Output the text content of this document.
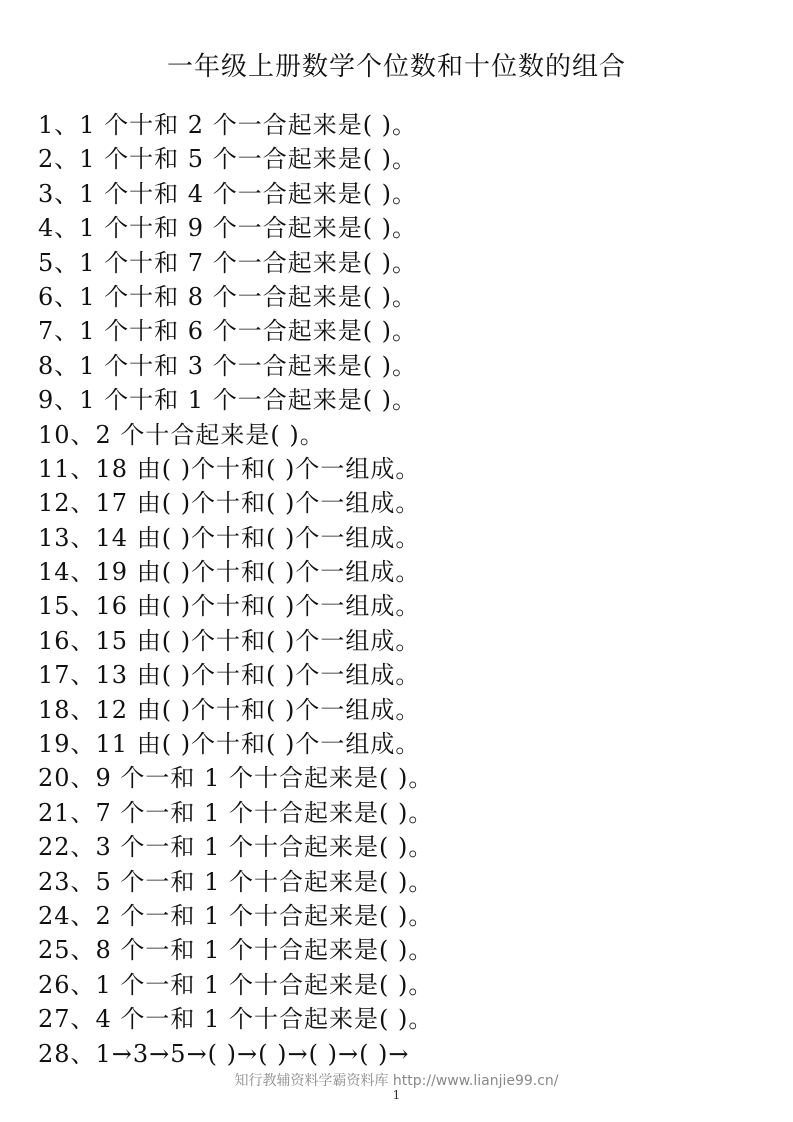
一年级上册数学个位数和十位数的组合
1、1 个十和 2 个一合起来是( )。
2、1 个十和 5 个一合起来是( )。
3、1 个十和 4 个一合起来是( )。
4、1 个十和 9 个一合起来是( )。
5、1 个十和 7 个一合起来是( )。
6、1 个十和 8 个一合起来是( )。
7、1 个十和 6 个一合起来是( )。
8、1 个十和 3 个一合起来是( )。
9、1 个十和 1 个一合起来是( )。
10、2 个十合起来是( )。
11、18 由( )个十和( )个一组成。
12、17 由( )个十和( )个一组成。
13、14 由( )个十和( )个一组成。
14、19 由( )个十和( )个一组成。
15、16 由( )个十和( )个一组成。
16、15 由( )个十和( )个一组成。
17、13 由( )个十和( )个一组成。
18、12 由( )个十和( )个一组成。
19、11 由( )个十和( )个一组成。
20、9 个一和 1 个十合起来是( )。
21、7 个一和 1 个十合起来是( )。
22、3 个一和 1 个十合起来是( )。
23、5 个一和 1 个十合起来是( )。
24、2 个一和 1 个十合起来是( )。
25、8 个一和 1 个十合起来是( )。
26、1 个一和 1 个十合起来是( )。
27、4 个一和 1 个十合起来是( )。
28、1→3→5→( )→( )→( )→( )→
知行教辅资料学霸资料库 http://www.lianjie99.cn/
1
